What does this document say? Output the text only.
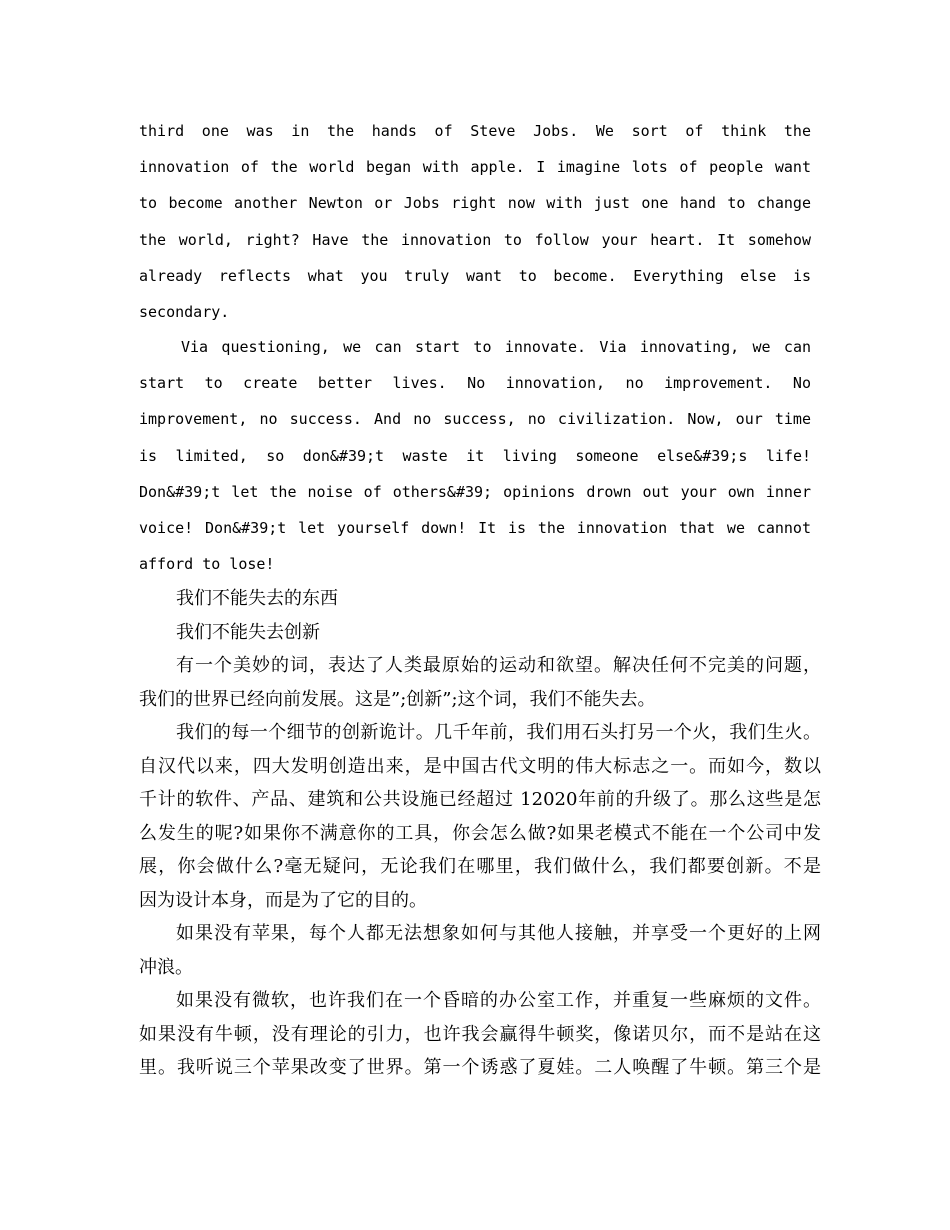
third one was in the hands of Steve Jobs. We sort of think the
innovation of the world began with apple. I imagine lots of people want
to become another Newton or Jobs right now with just one hand to change
the world, right? Have the innovation to follow your heart. It somehow
already reflects what you truly want to become. Everything else is
secondary.
Via questioning, we can start to innovate. Via innovating, we can
start to create better lives. No innovation, no improvement. No
improvement, no success. And no success, no civilization. Now, our time
is limited, so don&#39;t waste it living someone else&#39;s life!
Don&#39;t let the noise of others&#39; opinions drown out your own inner
voice! Don&#39;t let yourself down! It is the innovation that we cannot
afford to lose!
我们不能失去的东西
我们不能失去创新
有一个美妙的词，表达了人类最原始的运动和欲望。解决任何不完美的问题，
我们的世界已经向前发展。这是”;创新”;这个词，我们不能失去。
我们的每一个细节的创新诡计。几千年前，我们用石头打另一个火，我们生火。
自汉代以来，四大发明创造出来，是中国古代文明的伟大标志之一。而如今，数以
千计的软件、产品、建筑和公共设施已经超过 12020年前的升级了。那么这些是怎
么发生的呢?如果你不满意你的工具，你会怎么做?如果老模式不能在一个公司中发
展，你会做什么?毫无疑问，无论我们在哪里，我们做什么，我们都要创新。不是
因为设计本身，而是为了它的目的。
如果没有苹果，每个人都无法想象如何与其他人接触，并享受一个更好的上网
冲浪。
如果没有微软，也许我们在一个昏暗的办公室工作，并重复一些麻烦的文件。
如果没有牛顿，没有理论的引力，也许我会赢得牛顿奖，像诺贝尔，而不是站在这
里。我听说三个苹果改变了世界。第一个诱惑了夏娃。二人唤醒了牛顿。第三个是
